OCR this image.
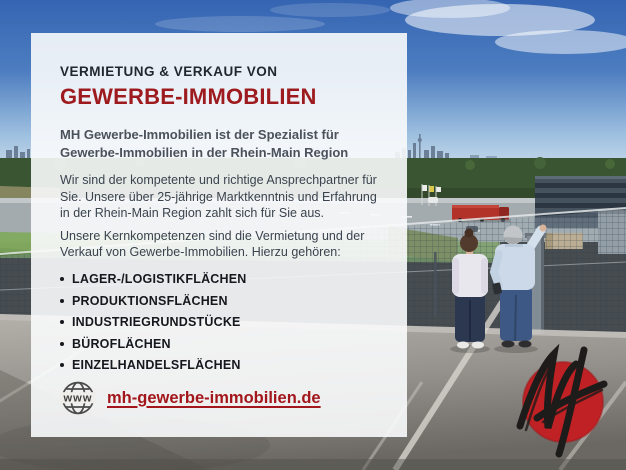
VERMIETUNG & VERKAUF VON
GEWERBE-IMMOBILIEN
MH Gewerbe-Immobilien ist der Spezialist für Gewerbe-Immobilien in der Rhein-Main Region
Wir sind der kompetente und richtige Ansprechpartner für Sie. Unsere über 25-jährige Marktkenntnis und Erfahrung in der Rhein-Main Region zahlt sich für Sie aus.
Unsere Kernkompetenzen sind die Vermietung und der Verkauf von Gewerbe-Immobilien. Hierzu gehören:
LAGER-/LOGISTIKFLÄCHEN
PRODUKTIONSFLÄCHEN
INDUSTRIEGRUNDSTÜCKE
BÜROFLÄCHEN
EINZELHANDELSFLÄCHEN
www mh-gewerbe-immobilien.de
